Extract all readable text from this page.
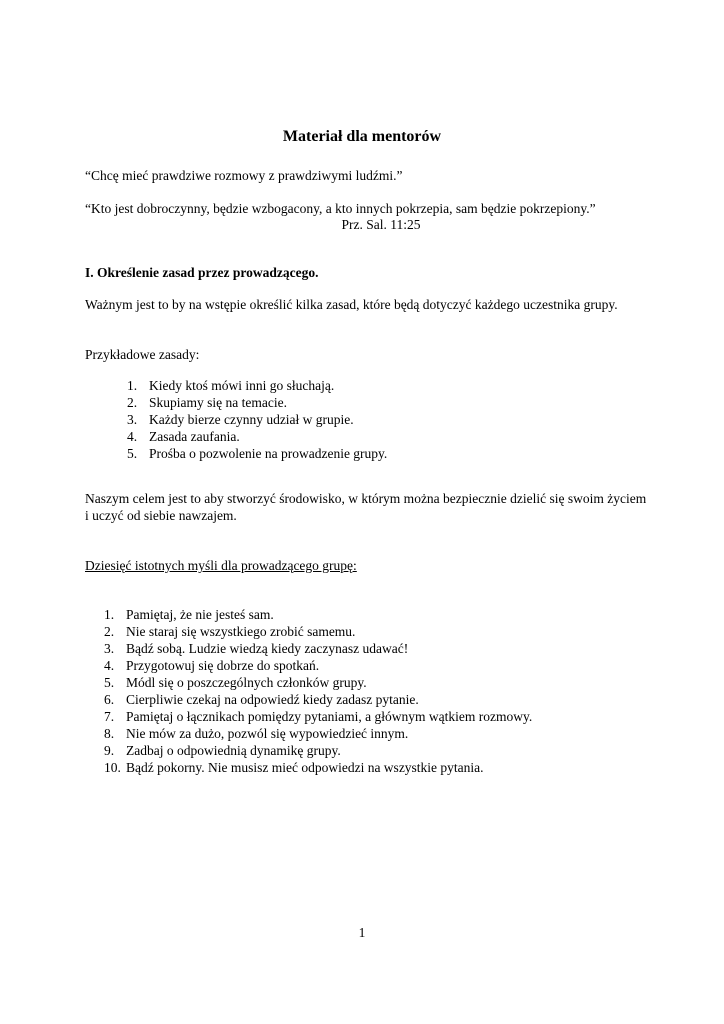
Materiał dla mentorów
“Chcę mieć prawdziwe rozmowy z prawdziwymi ludźmi.”
“Kto jest dobroczynny, będzie wzbogacony, a kto innych pokrzepia, sam będzie pokrzepiony.”
Prz. Sal. 11:25
I. Określenie zasad przez prowadzącego.
Ważnym jest to by na wstępie określić kilka zasad, które będą dotyczyć każdego uczestnika grupy.
Przykładowe zasady:
1. Kiedy ktoś mówi inni go słuchają.
2. Skupiamy się na temacie.
3. Każdy bierze czynny udział w grupie.
4. Zasada zaufania.
5. Prośba o pozwolenie na prowadzenie grupy.
Naszym celem jest to aby stworzyć środowisko, w którym można bezpiecznie dzielić się swoim życiem i uczyć od siebie nawzajem.
Dziesięć istotnych myśli dla prowadzącego grupę:
1. Pamiętaj, że nie jesteś sam.
2. Nie staraj się wszystkiego zrobić samemu.
3. Bądź sobą. Ludzie wiedzą kiedy zaczynasz udawać!
4. Przygotowuj się dobrze do spotkań.
5. Módl się o poszczególnych członków grupy.
6. Cierpliwie czekaj na odpowiedź kiedy zadasz pytanie.
7. Pamiętaj o łącznikach pomiędzy pytaniami, a głównym wątkiem rozmowy.
8. Nie mów za dużo, pozwól się wypowiedzieć innym.
9. Zadbaj o odpowiednią dynamikę grupy.
10. Bądź pokorny. Nie musisz mieć odpowiedzi na wszystkie pytania.
1
